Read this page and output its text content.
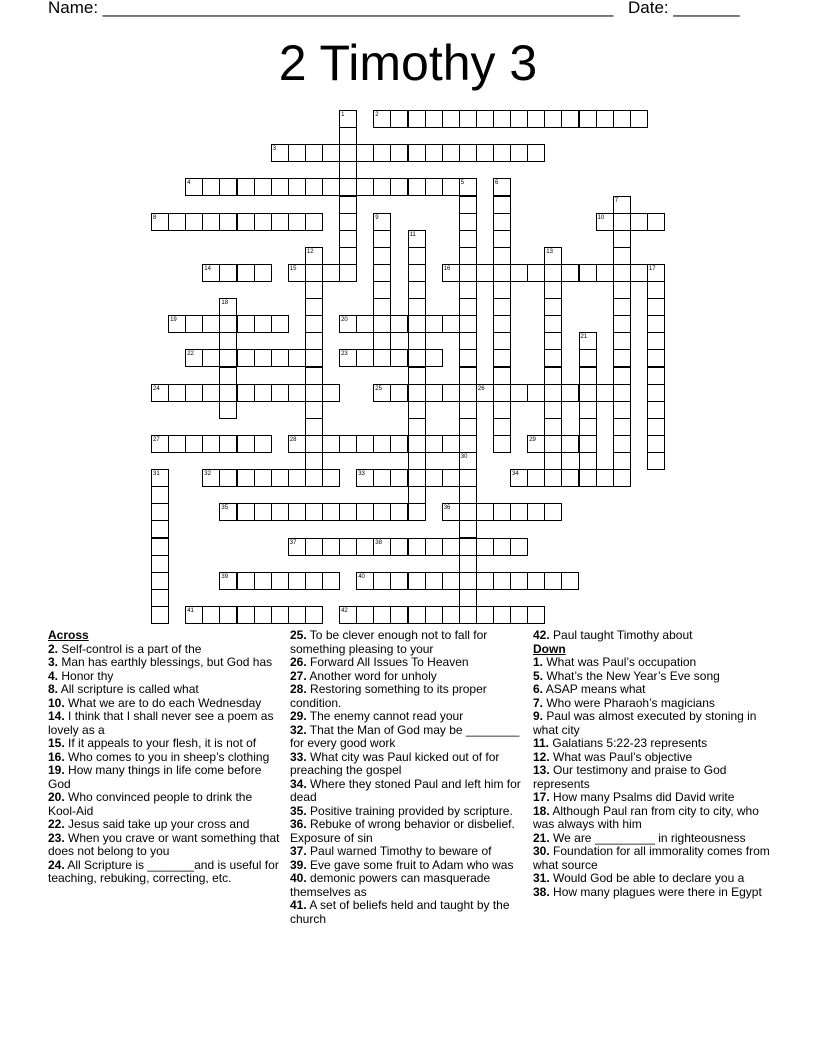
Name: ______________________________________________________ Date: _______
2 Timothy 3
1	2
3
4	5
30
6
7
8	9	10
11
12	13
14	15	16	17
18
19	20
21
22	23
24	25	26
27	28	29
31	32	33	34
35	36
37	38
39	40
41	42
Across
2. Self-control is a part of the
3. Man has earthly blessings, but God has
4. Honor thy
8. All scripture is called what
10. What we are to do each Wednesday
14. I think that I shall never see a poem as lovely as a
15. If it appeals to your flesh, it is not of
16. Who comes to you in sheep’s clothing
19. How many things in life come before God
20. Who convinced people to drink the Kool-Aid
22. Jesus said take up your cross and
23. When you crave or want something that does not belong to you
24. All Scripture is _______and is useful for teaching, rebuking, correcting, etc.
25. To be clever enough not to fall for something pleasing to your
26. Forward All Issues To Heaven
27. Another word for unholy
28. Restoring something to its proper condition.
29. The enemy cannot read your
32. That the Man of God may be ________ for every good work
33. What city was Paul kicked out of for preaching the gospel
34. Where they stoned Paul and left him for dead
35. Positive training provided by scripture.
36. Rebuke of wrong behavior or disbelief. Exposure of sin
37. Paul warned Timothy to beware of
39. Eve gave some fruit to Adam who was
40. demonic powers can masquerade themselves as
41. A set of beliefs held and taught by the church
42. Paul taught Timothy about
Down
1. What was Paul’s occupation
5. What’s the New Year’s Eve song
6. ASAP means what
7. Who were Pharaoh’s magicians
9. Paul was almost executed by stoning in what city
11. Galatians 5:22-23 represents
12. What was Paul’s objective
13. Our testimony and praise to God represents
17. How many Psalms did David write
18. Although Paul ran from city to city, who was always with him
21. We are _________ in righteousness
30. Foundation for all immorality comes from what source
31. Would God be able to declare you a
38. How many plagues were there in Egypt
